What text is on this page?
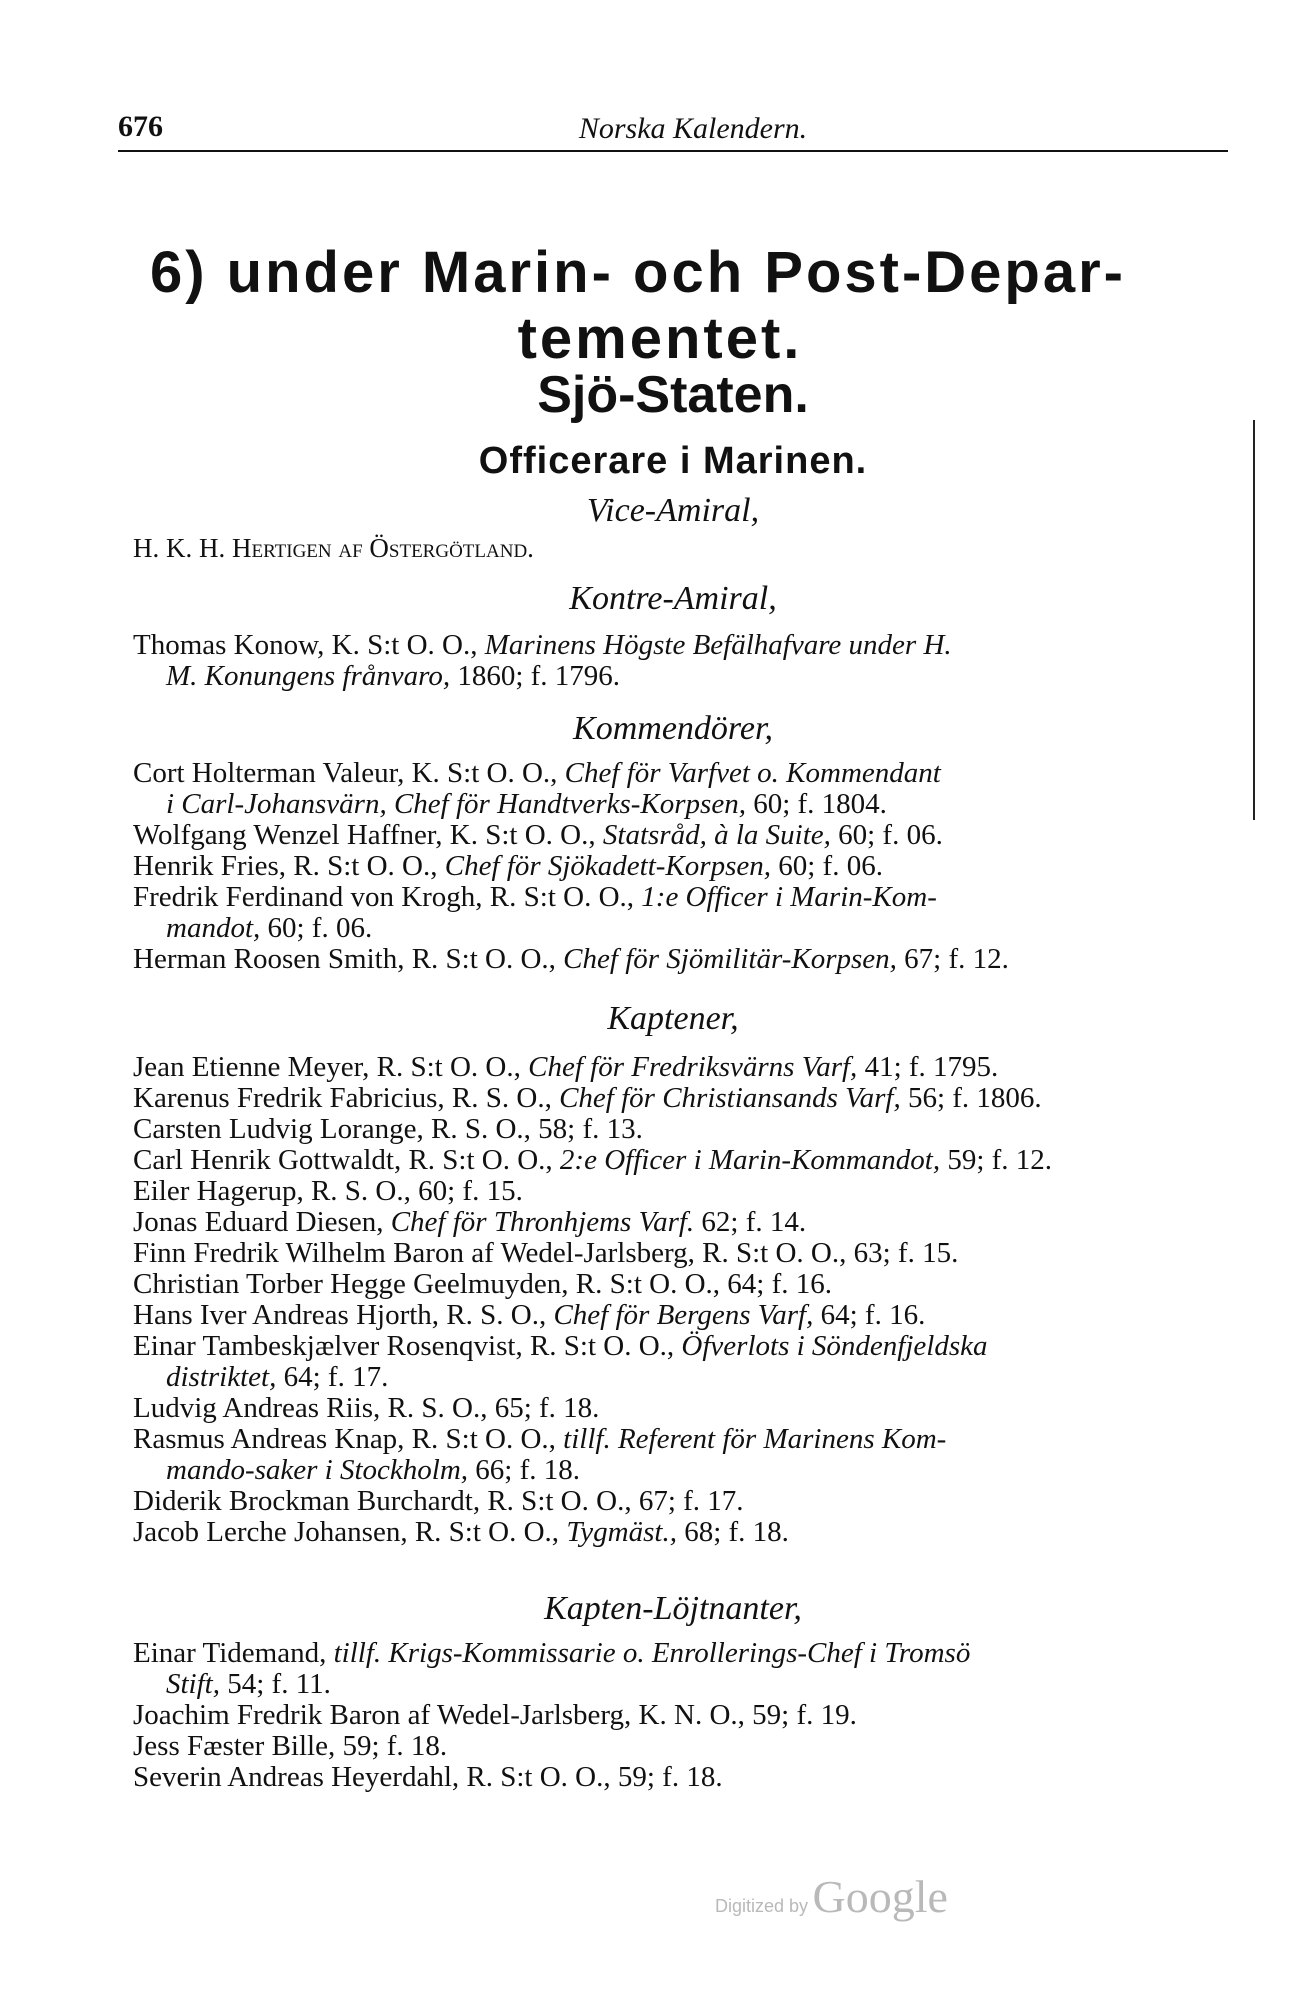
676	Norska Kalendern.
6) under Marin- och Post-Depar-
tementet.
Sjö-Staten.
Officerare i Marinen.
Vice-Amiral,
H. K. H. Hertigen af Östergötland.
Kontre-Amiral,
Thomas Konow, K. S:t O. O., Marinens Högste Befälhafvare under H.
M. Konungens frånvaro, 1860; f. 1796.
Kommendörer,
Cort Holterman Valeur, K. S:t O. O., Chef för Varfvet o. Kommendant
i Carl-Johansvärn, Chef för Handtverks-Korpsen, 60; f. 1804.
Wolfgang Wenzel Haffner, K. S:t O. O., Statsråd, à la Suite, 60; f. 06.
Henrik Fries, R. S:t O. O., Chef för Sjökadett-Korpsen, 60; f. 06.
Fredrik Ferdinand von Krogh, R. S:t O. O., 1:e Officer i Marin-Kom-
mandot, 60; f. 06.
Herman Roosen Smith, R. S:t O. O., Chef för Sjömilitär-Korpsen, 67; f. 12.
Kaptener,
Jean Etienne Meyer, R. S:t O. O., Chef för Fredriksvärns Varf, 41; f. 1795.
Karenus Fredrik Fabricius, R. S. O., Chef för Christiansands Varf, 56; f. 1806.
Carsten Ludvig Lorange, R. S. O., 58; f. 13.
Carl Henrik Gottwaldt, R. S:t O. O., 2:e Officer i Marin-Kommandot, 59; f. 12.
Eiler Hagerup, R. S. O., 60; f. 15.
Jonas Eduard Diesen, Chef för Thronhjems Varf. 62; f. 14.
Finn Fredrik Wilhelm Baron af Wedel-Jarlsberg, R. S:t O. O., 63; f. 15.
Christian Torber Hegge Geelmuyden, R. S:t O. O., 64; f. 16.
Hans Iver Andreas Hjorth, R. S. O., Chef för Bergens Varf, 64; f. 16.
Einar Tambeskjælver Rosenqvist, R. S:t O. O., Öfverlots i Söndenfjeldska
distriktet, 64; f. 17.
Ludvig Andreas Riis, R. S. O., 65; f. 18.
Rasmus Andreas Knap, R. S:t O. O., tillf. Referent för Marinens Kom-
mando-saker i Stockholm, 66; f. 18.
Diderik Brockman Burchardt, R. S:t O. O., 67; f. 17.
Jacob Lerche Johansen, R. S:t O. O., Tygmäst., 68; f. 18.
Kapten-Löjtnanter,
Einar Tidemand, tillf. Krigs-Kommissarie o. Enrollerings-Chef i Tromsö
Stift, 54; f. 11.
Joachim Fredrik Baron af Wedel-Jarlsberg, K. N. O., 59; f. 19.
Jess Fæster Bille, 59; f. 18.
Severin Andreas Heyerdahl, R. S:t O. O., 59; f. 18.
Digitized by Google
